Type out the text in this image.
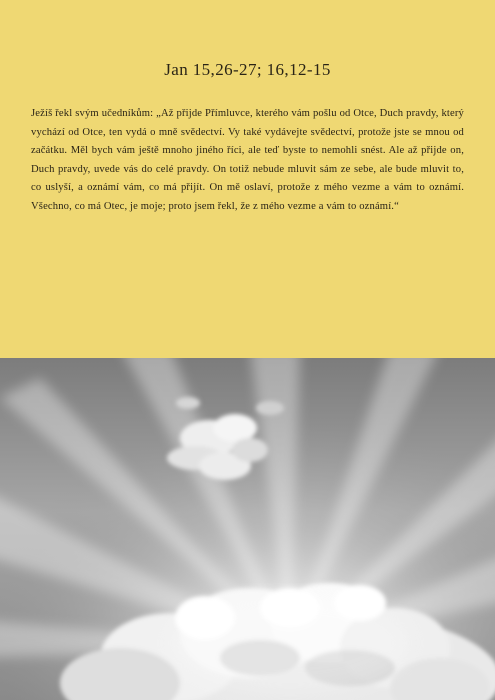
Jan 15,26-27; 16,12-15

Ježíš řekl svým učedníkům: „Až přijde Přímluvce, kterého vám pošlu od Otce, Duch pravdy, který vychází od Otce, ten vydá o mně svědectví. Vy také vydávejte svědectví, protože jste se mnou od začátku. Měl bych vám ještě mnoho jiného říci, ale teď byste to nemohli snést. Ale až přijde on, Duch pravdy, uvede vás do celé pravdy. On totiž nebude mluvit sám ze sebe, ale bude mluvit to, co uslyší, a oznámí vám, co má přijít. On mě oslaví, protože z mého vezme a vám to oznámí. Všechno, co má Otec, je moje; proto jsem řekl, že z mého vezme a vám to oznámí.“
